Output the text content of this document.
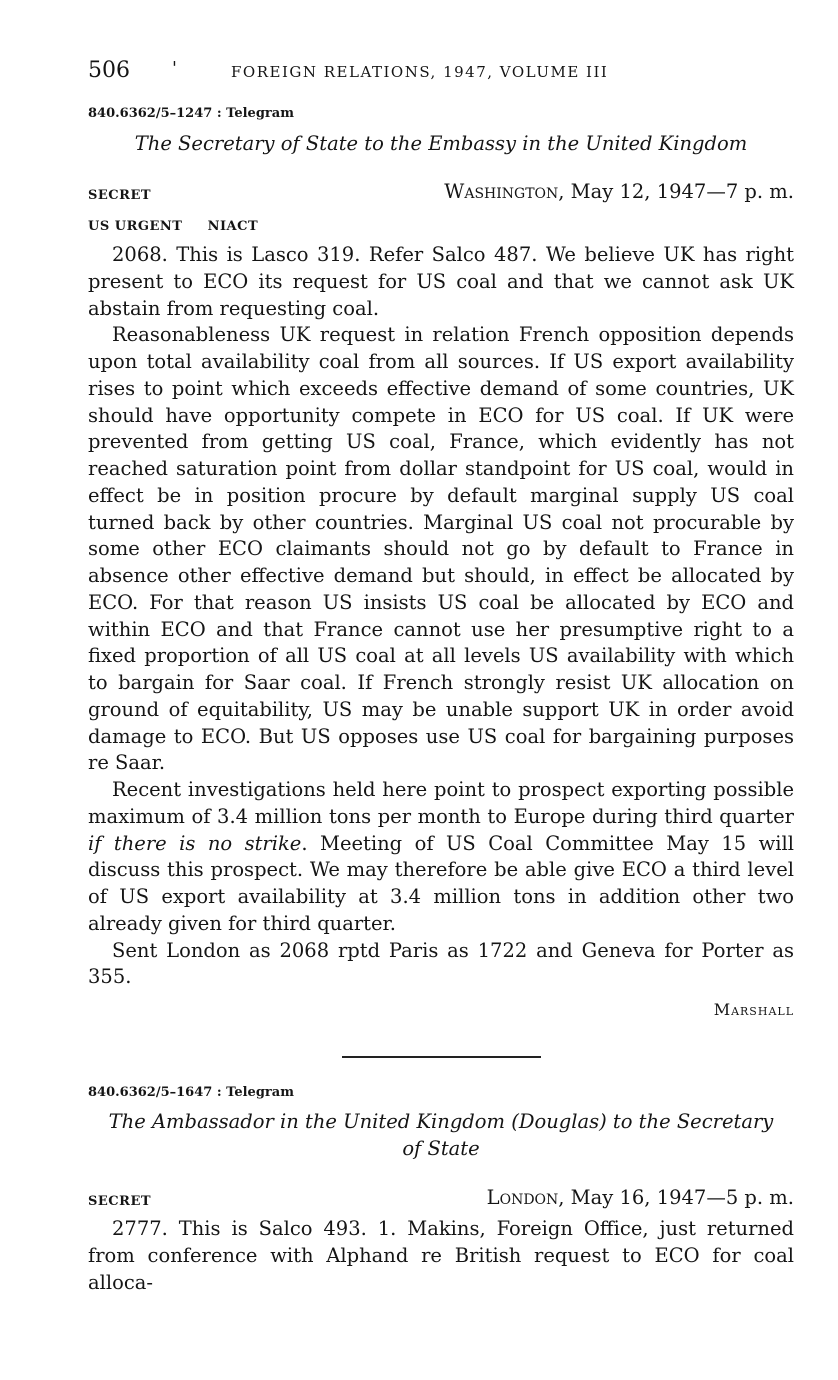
506 '	FOREIGN RELATIONS, 1947, VOLUME III
840.6362/5–1247 : Telegram
The Secretary of State to the Embassy in the United Kingdom
SECRET	Washington, May 12, 1947—7 p. m.
US URGENT     NIACT

2068. This is Lasco 319. Refer Salco 487. We believe UK has right present to ECO its request for US coal and that we cannot ask UK abstain from requesting coal.

Reasonableness UK request in relation French opposition depends upon total availability coal from all sources. If US export availability rises to point which exceeds effective demand of some countries, UK should have opportunity compete in ECO for US coal. If UK were prevented from getting US coal, France, which evidently has not reached saturation point from dollar standpoint for US coal, would in effect be in position procure by default marginal supply US coal turned back by other countries. Marginal US coal not procurable by some other ECO claimants should not go by default to France in absence other effective demand but should, in effect be allocated by ECO. For that reason US insists US coal be allocated by ECO and within ECO and that France cannot use her presumptive right to a fixed proportion of all US coal at all levels US availability with which to bargain for Saar coal. If French strongly resist UK allocation on ground of equitability, US may be unable support UK in order avoid damage to ECO. But US opposes use US coal for bargaining purposes re Saar.

Recent investigations held here point to prospect exporting possible maximum of 3.4 million tons per month to Europe during third quarter if there is no strike. Meeting of US Coal Committee May 15 will discuss this prospect. We may therefore be able give ECO a third level of US export availability at 3.4 million tons in addition other two already given for third quarter.

Sent London as 2068 rptd Paris as 1722 and Geneva for Porter as 355.

Marshall
840.6362/5–1647 : Telegram
The Ambassador in the United Kingdom (Douglas) to the Secretary
of State
SECRET	London, May 16, 1947—5 p. m.

2777. This is Salco 493. 1. Makins, Foreign Office, just returned from conference with Alphand re British request to ECO for coal alloca-
